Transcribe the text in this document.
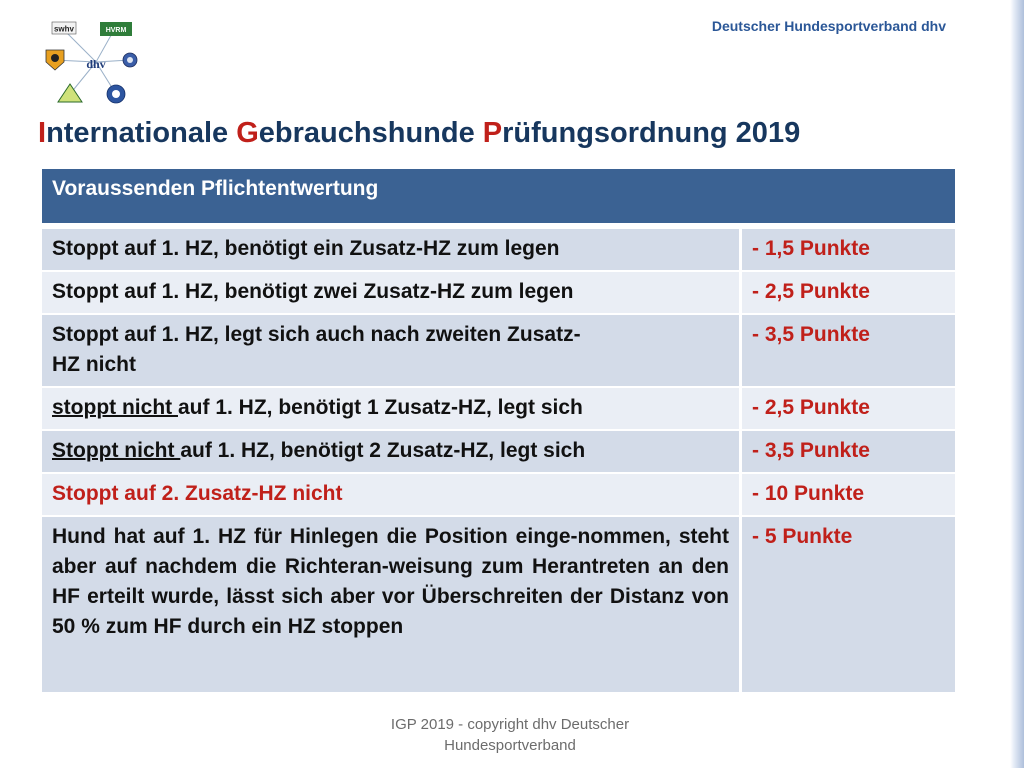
Deutscher Hundesportverband dhv
swhv	HVRM
dhv
Internationale Gebrauchshunde Prüfungsordnung 2019
Voraussenden Pflichtentwertung	
Stoppt auf 1. HZ, benötigt ein Zusatz-HZ zum legen	- 1,5 Punkte
Stoppt auf 1. HZ, benötigt zwei Zusatz-HZ zum legen	- 2,5 Punkte
Stoppt auf 1. HZ, legt sich auch nach zweiten Zusatz-
HZ nicht	- 3,5 Punkte
stoppt nicht auf 1. HZ, benötigt 1 Zusatz-HZ, legt sich	- 2,5 Punkte
Stoppt nicht auf 1. HZ, benötigt 2 Zusatz-HZ, legt sich	- 3,5 Punkte
Stoppt auf 2. Zusatz-HZ nicht	- 10 Punkte
Hund hat auf 1. HZ für Hinlegen die Position einge-nommen, steht aber auf nachdem die Richteran-weisung zum Herantreten an den HF erteilt wurde, lässt sich aber vor Überschreiten der Distanz von 50 % zum HF durch ein HZ stoppen	- 5 Punkte
IGP 2019 - copyright dhv Deutscher
Hundesportverband
